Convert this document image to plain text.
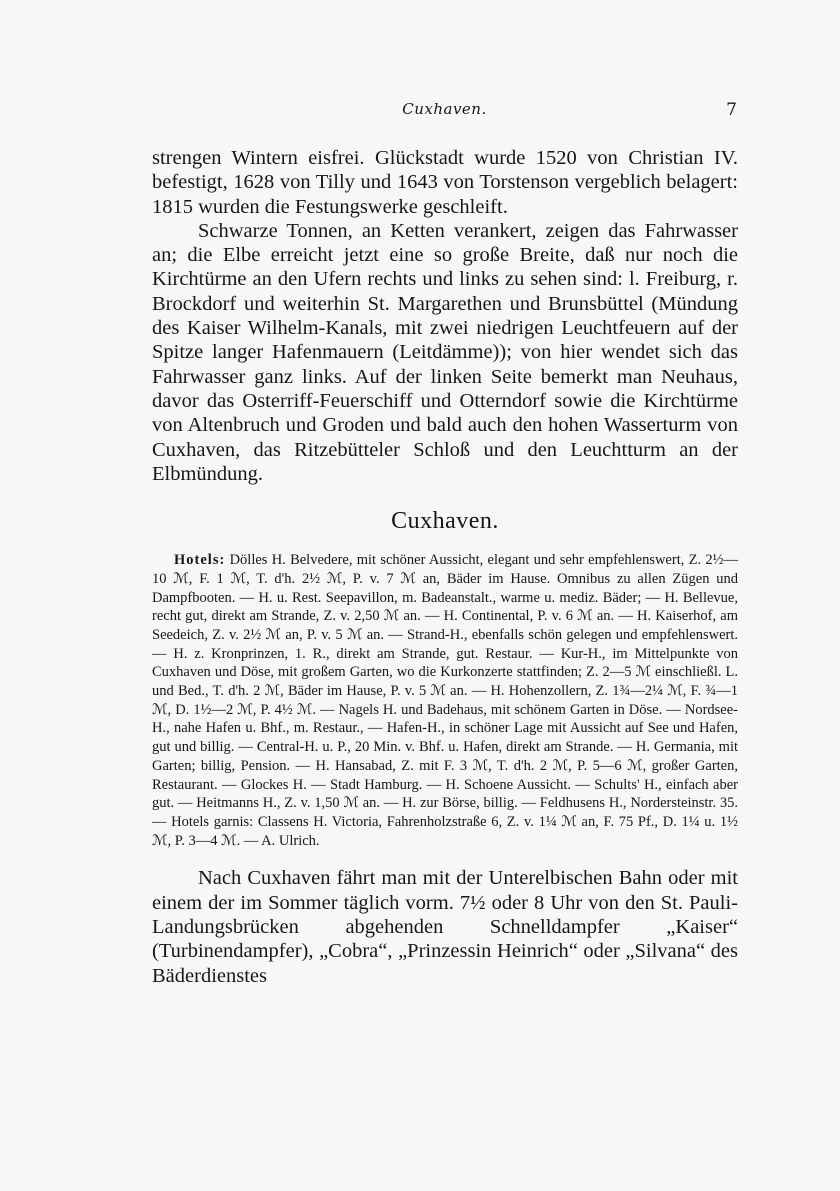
Cuxhaven.	7

strengen Wintern eisfrei. Glückstadt wurde 1520 von Christian IV. befestigt, 1628 von Tilly und 1643 von Torstenson vergeblich belagert: 1815 wurden die Festungswerke geschleift.

Schwarze Tonnen, an Ketten verankert, zeigen das Fahrwasser an; die Elbe erreicht jetzt eine so große Breite, daß nur noch die Kirchtürme an den Ufern rechts und links zu sehen sind: l. Freiburg, r. Brockdorf und weiterhin St. Margarethen und Brunsbüttel (Mündung des Kaiser Wilhelm-Kanals, mit zwei niedrigen Leuchtfeuern auf der Spitze langer Hafenmauern (Leitdämme)); von hier wendet sich das Fahrwasser ganz links. Auf der linken Seite bemerkt man Neuhaus, davor das Osterriff-Feuerschiff und Otterndorf sowie die Kirchtürme von Altenbruch und Groden und bald auch den hohen Wasserturm von Cuxhaven, das Ritzebütteler Schloß und den Leuchtturm an der Elbmündung.

Cuxhaven.

Hotels: Dölles H. Belvedere, mit schöner Aussicht, elegant und sehr empfehlenswert, Z. 2½—10 ℳ, F. 1 ℳ, T. d'h. 2½ ℳ, P. v. 7 ℳ an, Bäder im Hause. Omnibus zu allen Zügen und Dampfbooten. — H. u. Rest. Seepavillon, m. Badeanstalt., warme u. mediz. Bäder; — H. Bellevue, recht gut, direkt am Strande, Z. v. 2,50 ℳ an. — H. Continental, P. v. 6 ℳ an. — H. Kaiserhof, am Seedeich, Z. v. 2½ ℳ an, P. v. 5 ℳ an. — Strand-H., ebenfalls schön gelegen und empfehlenswert. — H. z. Kronprinzen, 1. R., direkt am Strande, gut. Restaur. — Kur-H., im Mittelpunkte von Cuxhaven und Döse, mit großem Garten, wo die Kurkonzerte stattfinden; Z. 2—5 ℳ einschließl. L. und Bed., T. d'h. 2 ℳ, Bäder im Hause, P. v. 5 ℳ an. — H. Hohenzollern, Z. 1¾—2¼ ℳ, F. ¾—1 ℳ, D. 1½—2 ℳ, P. 4½ ℳ. — Nagels H. und Badehaus, mit schönem Garten in Döse. — Nordsee-H., nahe Hafen u. Bhf., m. Restaur., — Hafen-H., in schöner Lage mit Aussicht auf See und Hafen, gut und billig. — Central-H. u. P., 20 Min. v. Bhf. u. Hafen, direkt am Strande. — H. Germania, mit Garten; billig, Pension. — H. Hansabad, Z. mit F. 3 ℳ, T. d'h. 2 ℳ, P. 5—6 ℳ, großer Garten, Restaurant. — Glockes H. — Stadt Hamburg. — H. Schoene Aussicht. — Schults' H., einfach aber gut. — Heitmanns H., Z. v. 1,50 ℳ an. — H. zur Börse, billig. — Feldhusens H., Nordersteinstr. 35. — Hotels garnis: Classens H. Victoria, Fahrenholzstraße 6, Z. v. 1¼ ℳ an, F. 75 Pf., D. 1¼ u. 1½ ℳ, P. 3—4 ℳ. — A. Ulrich.

Nach Cuxhaven fährt man mit der Unterelbischen Bahn oder mit einem der im Sommer täglich vorm. 7½ oder 8 Uhr von den St. Pauli-Landungsbrücken abgehenden Schnelldampfer „Kaiser“ (Turbinendampfer), „Cobra“, „Prinzessin Heinrich“ oder „Silvana“ des Bäderdienstes
